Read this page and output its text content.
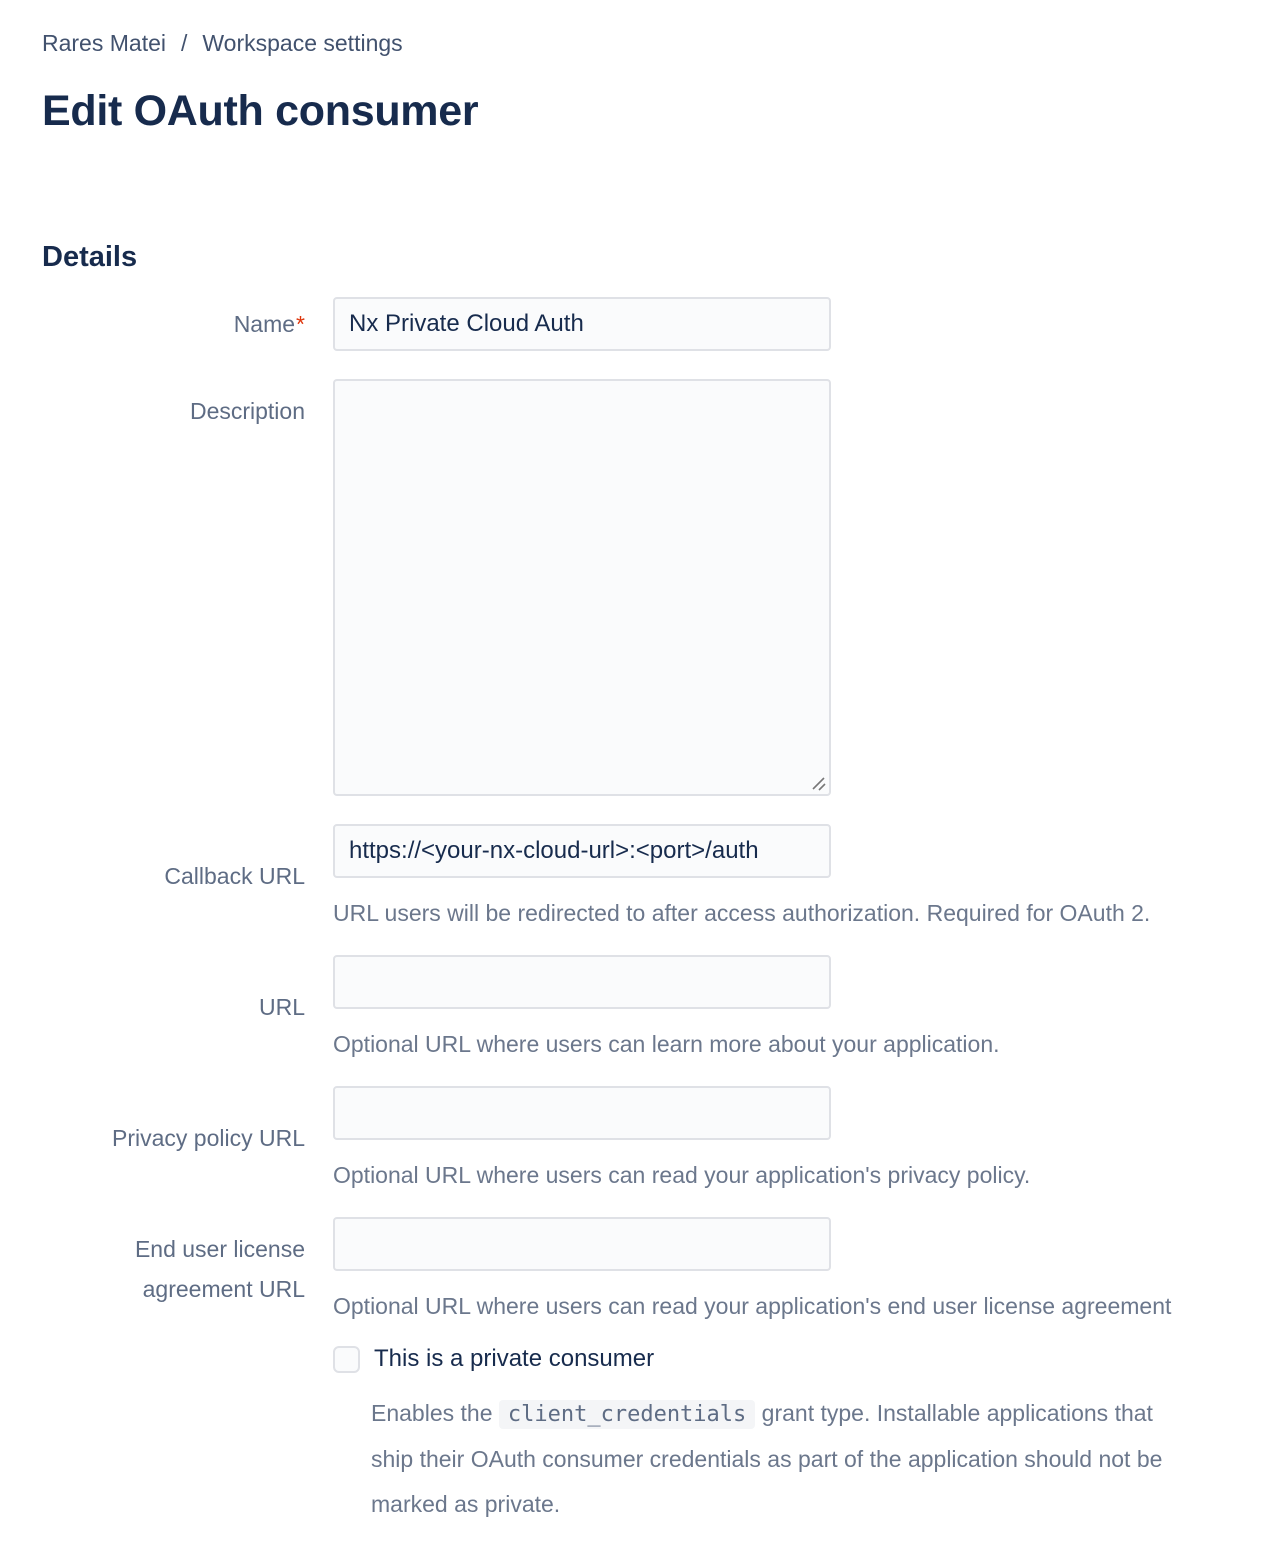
Rares Matei / Workspace settings
Edit OAuth consumer
Details
Name*
Nx Private Cloud Auth
Description
Callback URL
https://<your-nx-cloud-url>:<port>/auth
URL users will be redirected to after access authorization. Required for OAuth 2.
URL
Optional URL where users can learn more about your application.
Privacy policy URL
Optional URL where users can read your application's privacy policy.
End user license agreement URL
Optional URL where users can read your application's end user license agreement
This is a private consumer

Enables the client_credentials grant type. Installable applications that ship their OAuth consumer credentials as part of the application should not be marked as private.
